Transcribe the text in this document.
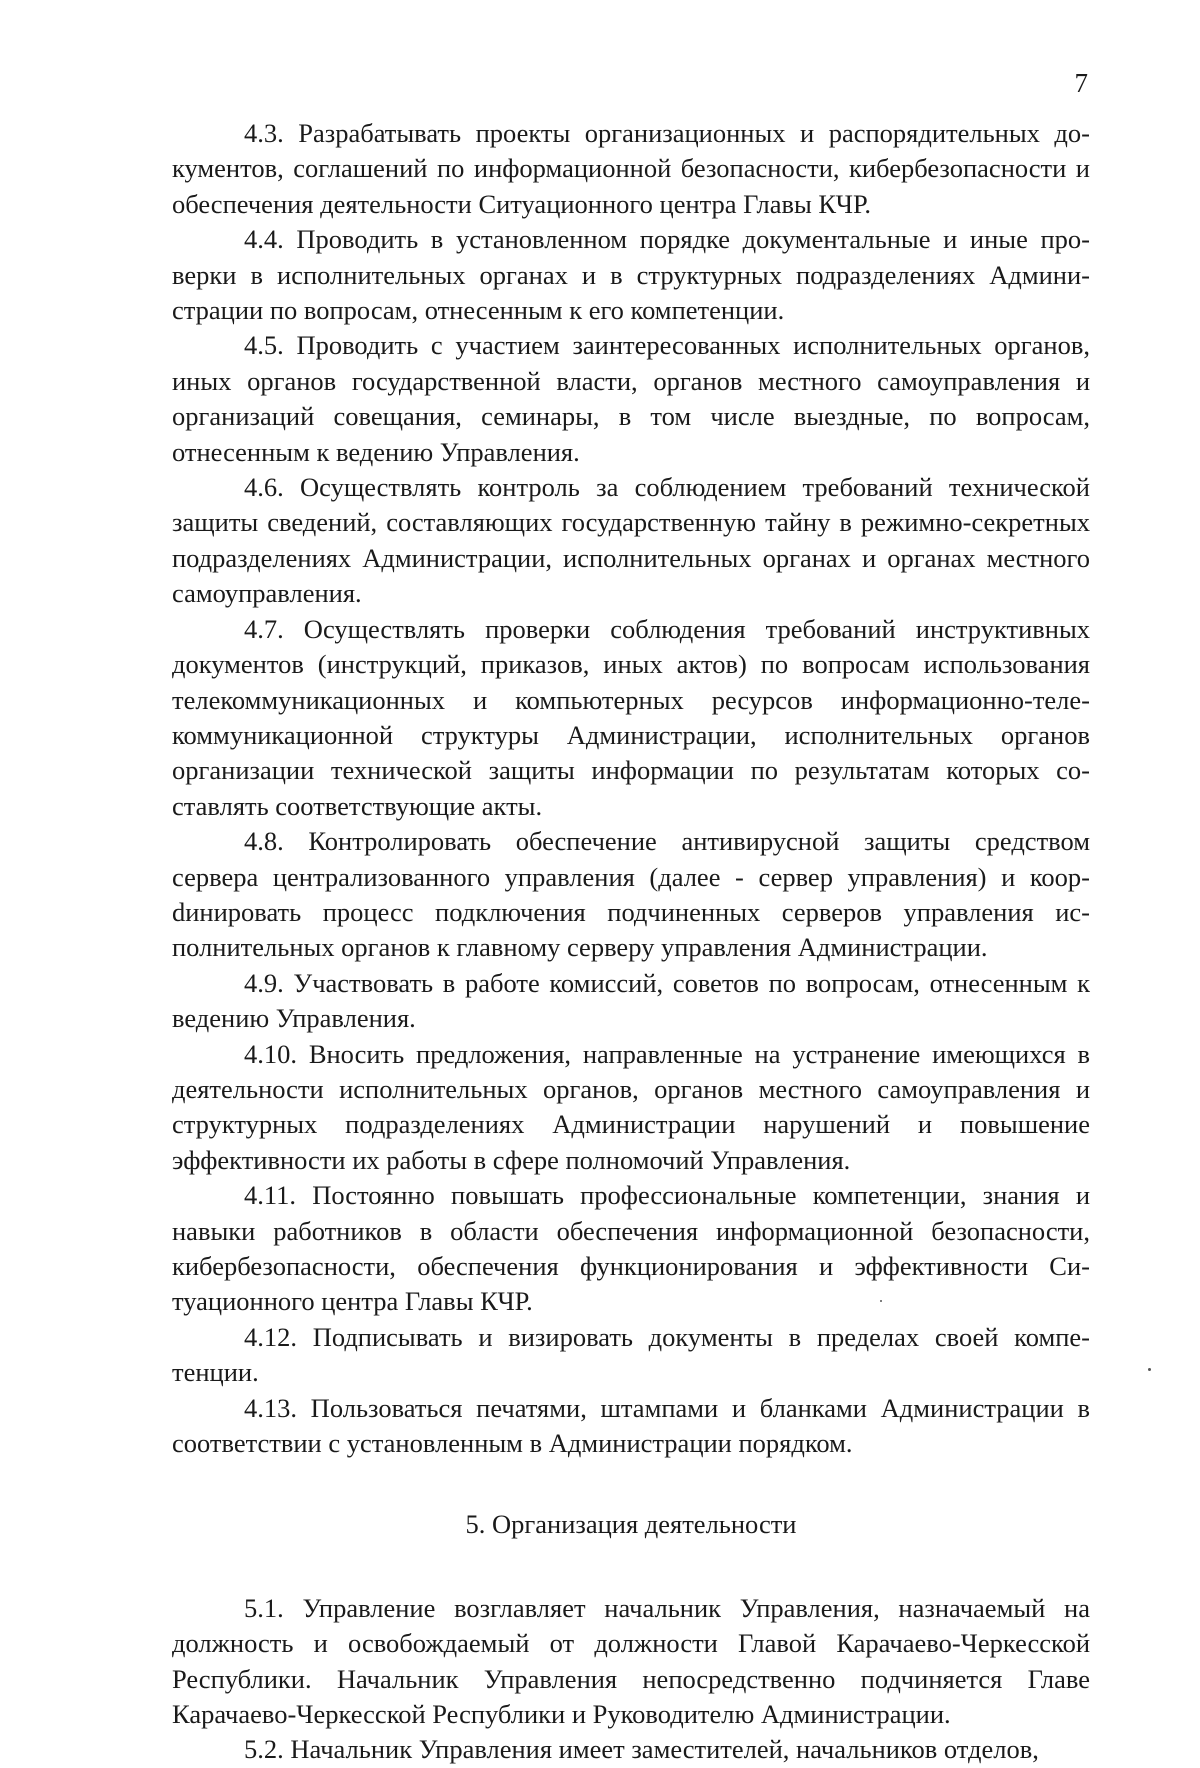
7

4.3. Разрабатывать проекты организационных и распорядительных документов, соглашений по информационной безопасности, кибербезопасности и обеспечения деятельности Ситуационного центра Главы КЧР.

4.4. Проводить в установленном порядке документальные и иные проверки в исполнительных органах и в структурных подразделениях Администрации по вопросам, отнесенным к его компетенции.

4.5. Проводить с участием заинтересованных исполнительных органов, иных органов государственной власти, органов местного самоуправления и организаций совещания, семинары, в том числе выездные, по вопросам, отнесенным к ведению Управления.

4.6. Осуществлять контроль за соблюдением требований технической защиты сведений, составляющих государственную тайну в режимно-секретных подразделениях Администрации, исполнительных органах и органах местного самоуправления.

4.7. Осуществлять проверки соблюдения требований инструктивных документов (инструкций, приказов, иных актов) по вопросам использования телекоммуникационных и компьютерных ресурсов информационно-телекоммуникационной структуры Администрации, исполнительных органов организации технической защиты информации по результатам которых составлять соответствующие акты.

4.8. Контролировать обеспечение антивирусной защиты средством сервера централизованного управления (далее - сервер управления) и коорdинировать процесс подключения подчиненных серверов управления исполнительных органов к главному серверу управления Администрации.

4.9. Участвовать в работе комиссий, советов по вопросам, отнесенным к ведению Управления.

4.10. Вносить предложения, направленные на устранение имеющихся в деятельности исполнительных органов, органов местного самоуправления и структурных подразделениях Администрации нарушений и повышение эффективности их работы в сфере полномочий Управления.

4.11. Постоянно повышать профессиональные компетенции, знания и навыки работников в области обеспечения информационной безопасности, кибербезопасности, обеспечения функционирования и эффективности Ситуационного центра Главы КЧР.

4.12. Подписывать и визировать документы в пределах своей компетенции.

4.13. Пользоваться печатями, штампами и бланками Администрации в соответствии с установленным в Администрации порядком.

5. Организация деятельности

5.1. Управление возглавляет начальник Управления, назначаемый на должность и освобождаемый от должности Главой Карачаево-Черкесской Республики. Начальник Управления непосредственно подчиняется Главе Карачаево-Черкесской Республики и Руководителю Администрации.

5.2. Начальник Управления имеет заместителей, начальников отделов,
